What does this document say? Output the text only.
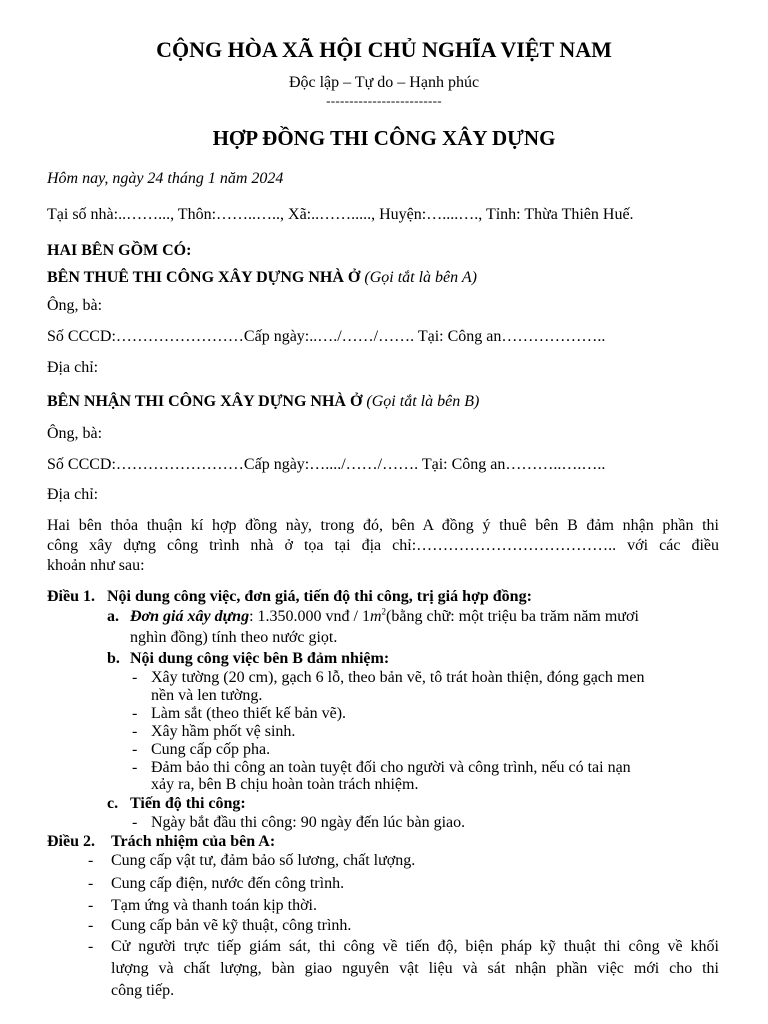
CỘNG HÒA XÃ HỘI CHỦ NGHĨA VIỆT NAM
Độc lập – Tự do – Hạnh phúc
-------------------------
HỢP ĐỒNG THI CÔNG XÂY DỰNG
Hôm nay, ngày 24 tháng 1 năm 2024
Tại số nhà:..……..., Thôn:……..….., Xã:..……....., Huyện:…....…., Tỉnh: Thừa Thiên Huế.
HAI BÊN GỒM CÓ:
BÊN THUÊ THI CÔNG XÂY DỰNG NHÀ Ở (Gọi tắt là bên A)
Ông, bà:
Số CCCD:……………………Cấp ngày:..…./……/……. Tại: Công an………………..
Địa chỉ:
BÊN NHẬN THI CÔNG XÂY DỰNG NHÀ Ở (Gọi tắt là bên B)
Ông, bà:
Số CCCD:……………………Cấp ngày:…..../……/……. Tại: Công an………..….…..
Địa chỉ:
Hai bên thỏa thuận kí hợp đồng này, trong đó, bên A đồng ý thuê bên B đảm nhận phần thi
công xây dựng công trình nhà ở tọa tại địa chỉ:……………………………….. với các điều
khoản như sau:
Điều 1. Nội dung công việc, đơn giá, tiến độ thi công, trị giá hợp đồng:
a. Đơn giá xây dựng: 1.350.000 vnđ / $1m^2(bằng$ chữ: một triệu ba trăm năm mươi
nghìn đồng) tính theo nước giọt.
b. Nội dung công việc bên B đảm nhiệm:
- Xây tường (20 cm), gạch 6 lỗ, theo bản vẽ, tô trát hoàn thiện, đóng gạch men
nền và len tường.
- Làm sắt (theo thiết kế bản vẽ).
- Xây hầm phốt vệ sinh.
- Cung cấp cốp pha.
- Đảm bảo thi công an toàn tuyệt đối cho người và công trình, nếu có tai nạn
xảy ra, bên B chịu hoàn toàn trách nhiệm.
c. Tiến độ thi công:
- Ngày bắt đầu thi công: 90 ngày đến lúc bàn giao.
Điều 2. Trách nhiệm của bên A:
- Cung cấp vật tư, đảm bảo số lương, chất lượng.
- Cung cấp điện, nước đến công trình.
- Tạm ứng và thanh toán kịp thời.
- Cung cấp bản vẽ kỹ thuật, công trình.
- Cử người trực tiếp giám sát, thi công về tiến độ, biện pháp kỹ thuật thi công về khối
lượng và chất lượng, bàn giao nguyên vật liệu và sát nhận phần việc mới cho thi
công tiếp.
